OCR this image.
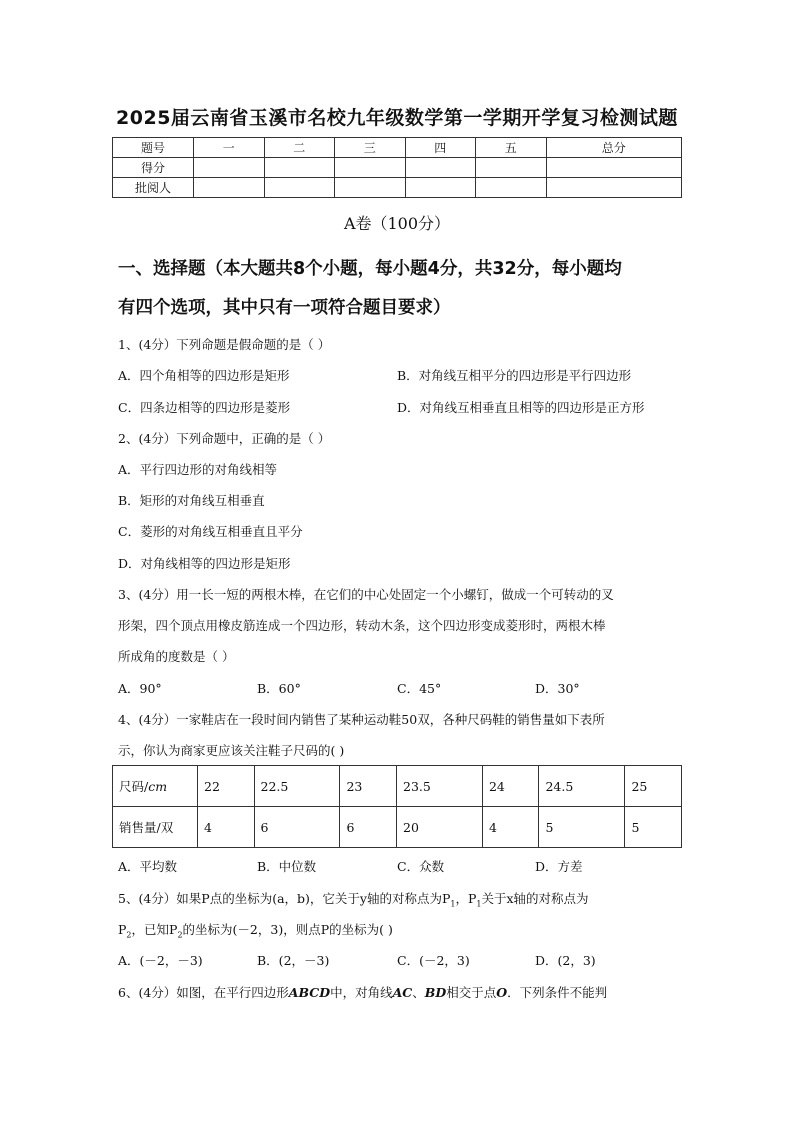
2025届云南省玉溪市名校九年级数学第一学期开学复习检测试题
题号	一	二	三	四	五	总分
得分						
批阅人						
A卷（100分）
一、选择题（本大题共8个小题，每小题4分，共32分，每小题均
有四个选项，其中只有一项符合题目要求）
1、(4分）下列命题是假命题的是（ ）
A．四个角相等的四边形是矩形	B．对角线互相平分的四边形是平行四边形
C．四条边相等的四边形是菱形	D．对角线互相垂直且相等的四边形是正方形
2、(4分）下列命题中，正确的是（ ）
A．平行四边形的对角线相等
B．矩形的对角线互相垂直
C．菱形的对角线互相垂直且平分
D．对角线相等的四边形是矩形
3、(4分）用一长一短的两根木棒，在它们的中心处固定一个小螺钉，做成一个可转动的叉
形架，四个顶点用橡皮筋连成一个四边形，转动木条，这个四边形变成菱形时，两根木棒
所成角的度数是（ ）
A．90°	B．60°	C．45°	D．30°
4、(4分）一家鞋店在一段时间内销售了某种运动鞋50双，各种尺码鞋的销售量如下表所
示，你认为商家更应该关注鞋子尺码的( )
尺码/cm	22	22.5	23	23.5	24	24.5	25
销售量/双	4	6	6	20	4	5	5
A．平均数	B．中位数	C．众数	D．方差
5、(4分）如果P点的坐标为(a，b)，它关于y轴的对称点为$P_1$，$P_1$关于x轴的对称点为
$P_2$，已知$P_2$的坐标为(－2，3)，则点P的坐标为( )
A．(－2，－3)	B．(2，－3)	C．(－2，3)	D．(2，3)
6、(4分）如图，在平行四边形ABCD中，对角线AC、BD相交于点O．下列条件不能判
